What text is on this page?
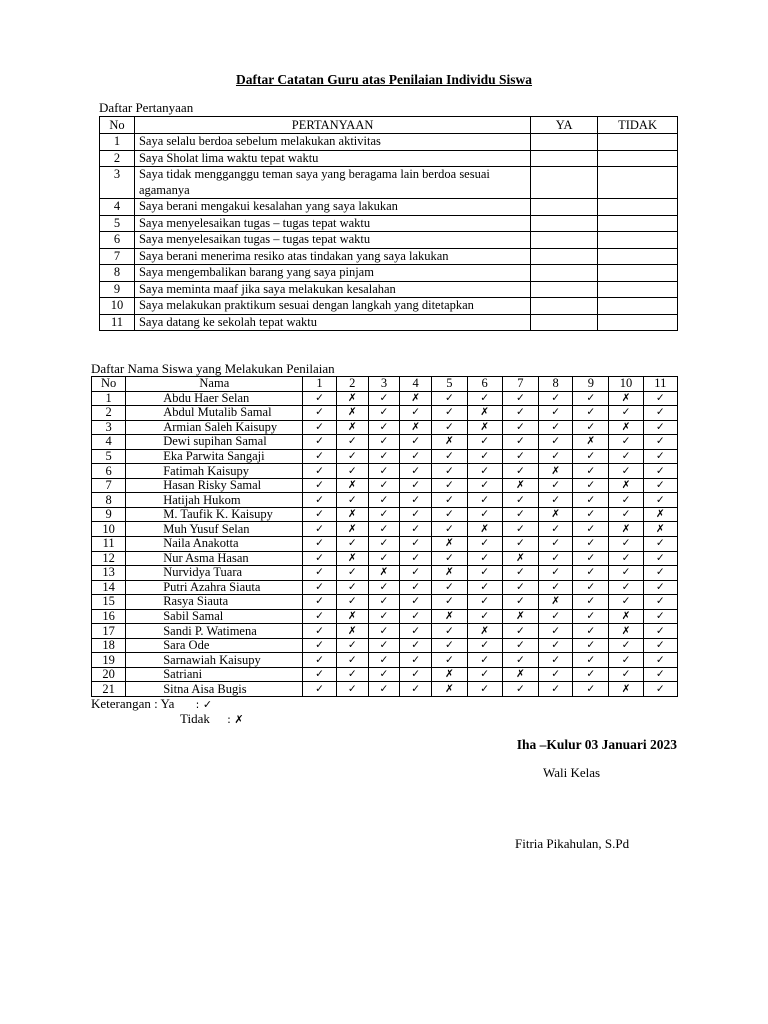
Daftar Catatan Guru atas Penilaian Individu Siswa
Daftar Pertanyaan
No	PERTANYAAN	YA	TIDAK
1	Saya selalu berdoa sebelum melakukan aktivitas		
2	Saya Sholat lima waktu tepat waktu		
3	Saya tidak mengganggu teman saya yang beragama lain berdoa sesuai agamanya		
4	Saya berani mengakui kesalahan yang saya lakukan		
5	Saya menyelesaikan tugas – tugas tepat waktu		
6	Saya menyelesaikan tugas – tugas tepat waktu		
7	Saya berani menerima resiko atas tindakan yang saya lakukan		
8	Saya mengembalikan barang yang saya pinjam		
9	Saya meminta maaf jika saya melakukan kesalahan		
10	Saya melakukan praktikum sesuai dengan langkah yang ditetapkan		
11	Saya datang ke sekolah tepat waktu		
Daftar Nama Siswa yang Melakukan Penilaian
No	Nama	1	2	3	4	5	6	7	8	9	10	11
1	Abdu Haer Selan	✓	✗	✓	✗	✓	✓	✓	✓	✓	✗	✓
2	Abdul Mutalib Samal	✓	✗	✓	✓	✓	✗	✓	✓	✓	✓	✓
3	Armian Saleh Kaisupy	✓	✗	✓	✗	✓	✗	✓	✓	✓	✗	✓
4	Dewi supihan Samal	✓	✓	✓	✓	✗	✓	✓	✓	✗	✓	✓
5	Eka Parwita Sangaji	✓	✓	✓	✓	✓	✓	✓	✓	✓	✓	✓
6	Fatimah Kaisupy	✓	✓	✓	✓	✓	✓	✓	✗	✓	✓	✓
7	Hasan Risky Samal	✓	✗	✓	✓	✓	✓	✗	✓	✓	✗	✓
8	Hatijah Hukom	✓	✓	✓	✓	✓	✓	✓	✓	✓	✓	✓
9	M. Taufik K. Kaisupy	✓	✗	✓	✓	✓	✓	✓	✗	✓	✓	✗
10	Muh Yusuf Selan	✓	✗	✓	✓	✓	✗	✓	✓	✓	✗	✗
11	Naila Anakotta	✓	✓	✓	✓	✗	✓	✓	✓	✓	✓	✓
12	Nur Asma Hasan	✓	✗	✓	✓	✓	✓	✗	✓	✓	✓	✓
13	Nurvidya Tuara	✓	✓	✗	✓	✗	✓	✓	✓	✓	✓	✓
14	Putri Azahra Siauta	✓	✓	✓	✓	✓	✓	✓	✓	✓	✓	✓
15	Rasya Siauta	✓	✓	✓	✓	✓	✓	✓	✗	✓	✓	✓
16	Sabil Samal	✓	✗	✓	✓	✗	✓	✗	✓	✓	✗	✓
17	Sandi P. Watimena	✓	✗	✓	✓	✓	✗	✓	✓	✓	✗	✓
18	Sara Ode	✓	✓	✓	✓	✓	✓	✓	✓	✓	✓	✓
19	Sarnawiah Kaisupy	✓	✓	✓	✓	✓	✓	✓	✓	✓	✓	✓
20	Satriani	✓	✓	✓	✓	✗	✓	✗	✓	✓	✓	✓
21	Sitna Aisa Bugis	✓	✓	✓	✓	✗	✓	✓	✓	✓	✗	✓
Keterangan : Ya : ✓
Tidak : ✗
Iha –Kulur 03 Januari 2023
Wali Kelas
Fitria Pikahulan, S.Pd
